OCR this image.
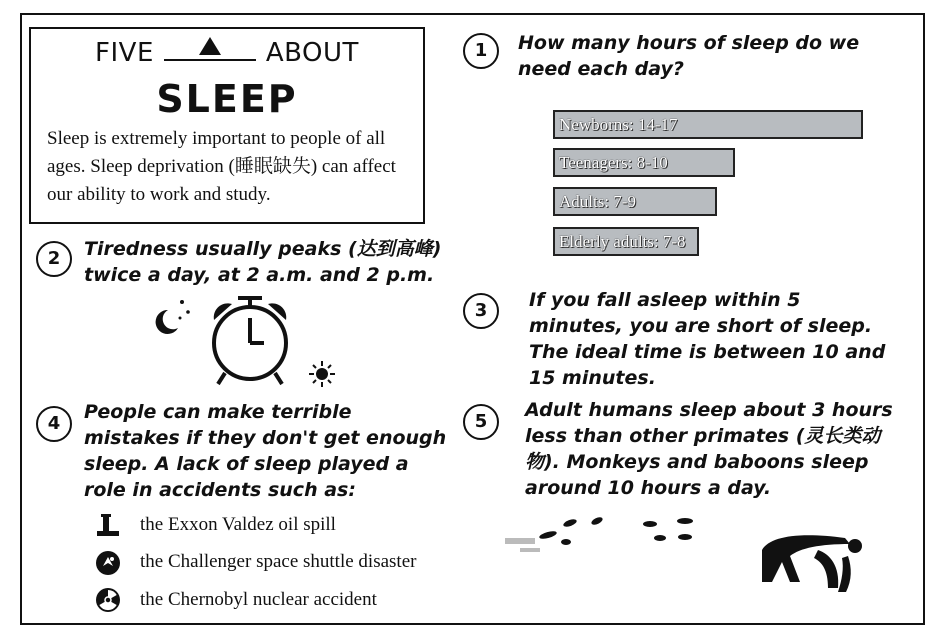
FIVE	ABOUT
SLEEP
Sleep is extremely important to people of all ages. Sleep deprivation (睡眠缺失) can affect our ability to work and study.
1	How many hours of sleep do we need each day?
Newborns: 14-17
Teenagers: 8-10
Adults: 7-9
Elderly adults: 7-8
2	Tiredness usually peaks (达到高峰) twice a day, at 2 a.m. and 2 p.m.
3	If you fall asleep within 5 minutes, you are short of sleep. The ideal time is between 10 and 15 minutes.
4
People can make terrible mistakes if they don't get enough sleep. A lack of sleep played a role in accidents such as:
5
Adult humans sleep about 3 hours less than other primates (灵长类动物). Monkeys and baboons sleep around 10 hours a day.
the Exxon Valdez oil spill
the Challenger space shuttle disaster
the Chernobyl nuclear accident
